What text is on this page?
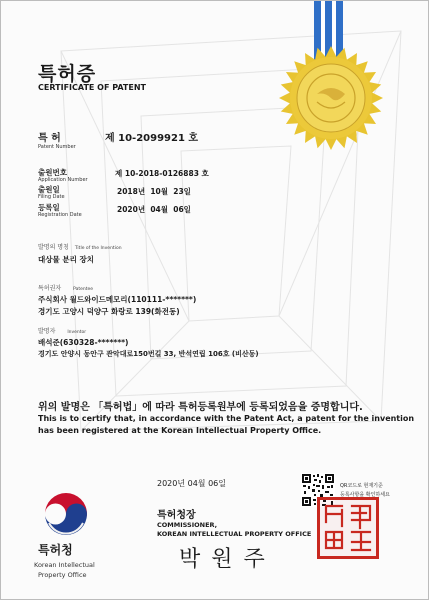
특허증
CERTIFICATE OF PATENT
특 허
Patent Number
제 10-2099921 호
출원번호
Application Number
제 10-2018-0126883 호
출원일
Filing Date
2018년  10월  23일
등록일
Registration Date
2020년  04월  06일
발명의 명칭 Title of the Invention
대상물 분리 장치
특허권자	Patentee
주식회사 월드와이드메모리(110111-*******)
경기도 고양시 덕양구 화랑로 139(화전동)
발명자	Inventor
배석준(630328-*******)
경기도 안양시 동안구 관악대로150번길 33, 반석연립 106호 (비산동)
위의 발명은 「특허법」에 따라 특허등록원부에 등록되었음을 증명합니다.
This is to certify that, in accordance with the Patent Act, a patent for the invention
has been registered at the Korean Intellectual Property Office.
2020년 04월 06일
특허청장
COMMISSIONER,
KOREAN INTELLECTUAL PROPERTY OFFICE
박 원 주
QR코드로 현재기준
등록사항을 확인하세요
특허청
Korean Intellectual
Property Office
